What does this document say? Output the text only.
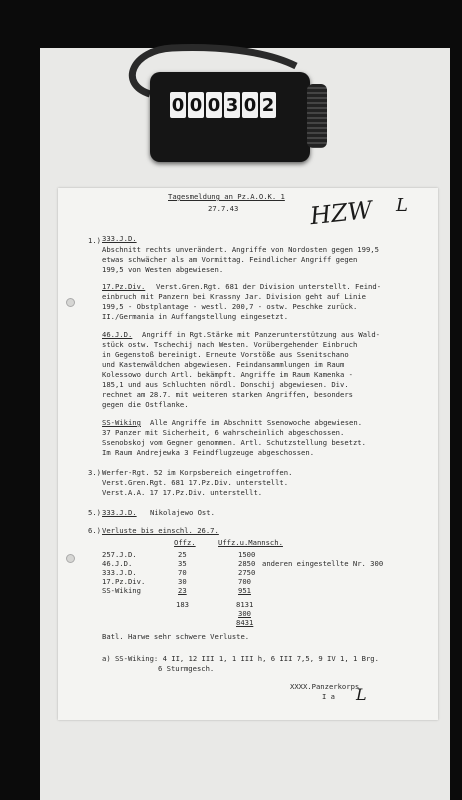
0 0 0 3 0 2
Tagesmeldung an Pz.A.O.K. 1
27.7.43	HZW L
1.) 333.J.D.
Abschnitt rechts unverändert. Angriffe von Nordosten gegen 199,5
etwas schwächer als am Vormittag. Feindlicher Angriff gegen
199,5 von Westen abgewiesen.
17.Pz.Div. Verst.Gren.Rgt. 681 der Division unterstellt. Feind-
einbruch mit Panzern bei Krassny Jar. Division geht auf Linie
199,5 - Obstplantage - westl. 200,7 - ostw. Peschke zurück.
II./Germania in Auffangstellung eingesetzt.
46.J.D. Angriff in Rgt.Stärke mit Panzerunterstützung aus Wald-
stück ostw. Tschechij nach Westen. Vorübergehender Einbruch
in Gegenstoß bereinigt. Erneute Vorstöße aus Ssenitschano
und Kastenwäldchen abgewiesen. Feindansammlungen im Raum
Kolessowo durch Artl. bekämpft. Angriffe im Raum Kamenka -
185,1 und aus Schluchten nördl. Donschij abgewiesen. Div.
rechnet am 28.7. mit weiteren starken Angriffen, besonders
gegen die Ostflanke.
SS-Wiking Alle Angriffe im Abschnitt Ssenowoche abgewiesen.
37 Panzer mit Sicherheit, 6 wahrscheinlich abgeschossen.
Ssenobskoj vom Gegner genommen. Artl. Schutzstellung besetzt.
Im Raum Andrejewka 3 Feindflugzeuge abgeschossen.
3.) Werfer-Rgt. 52 im Korpsbereich eingetroffen.
Verst.Gren.Rgt. 681 17.Pz.Div. unterstellt.
Verst.A.A. 17 17.Pz.Div. unterstellt.
5.) 333.J.D. Nikolajewo Ost.
6.) Verluste bis einschl. 26.7.
Offz.	Uffz.u.Mannsch.
257.J.D.	25	1500
46.J.D.	35	2850 anderen eingestellte Nr. 300
333.J.D.	70	2750
17.Pz.Div.	30	700
SS-Wiking	23	951
183	8131
300
8431
Batl. Harwe sehr schwere Verluste.
a) SS-Wiking: 4 II, 12 III 1, 1 III h, 6 III 7,5, 9 IV 1, 1 Brg.
6 Sturmgesch.
XXXX.Panzerkorps
I a L
